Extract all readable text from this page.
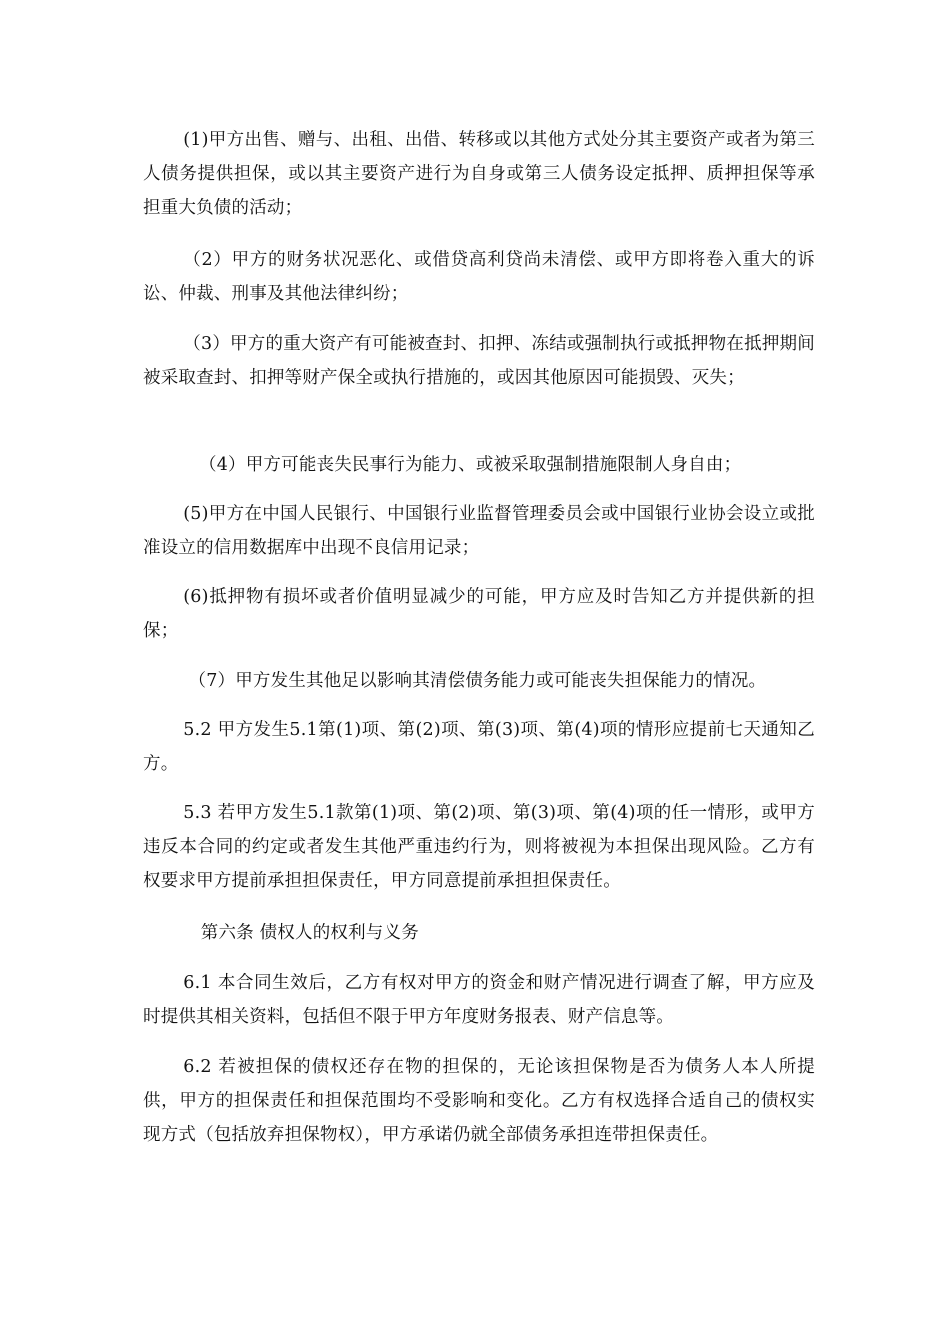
(1)甲方出售、赠与、出租、出借、转移或以其他方式处分其主要资产或者为第三人债务提供担保，或以其主要资产进行为自身或第三人债务设定抵押、质押担保等承担重大负债的活动；

（2）甲方的财务状况恶化、或借贷高利贷尚未清偿、或甲方即将卷入重大的诉讼、仲裁、刑事及其他法律纠纷；

（3）甲方的重大资产有可能被查封、扣押、冻结或强制执行或抵押物在抵押期间被采取查封、扣押等财产保全或执行措施的，或因其他原因可能损毁、灭失；

（4）甲方可能丧失民事行为能力、或被采取强制措施限制人身自由；

(5)甲方在中国人民银行、中国银行业监督管理委员会或中国银行业协会设立或批准设立的信用数据库中出现不良信用记录；

(6)抵押物有损坏或者价值明显减少的可能，甲方应及时告知乙方并提供新的担保；

（7）甲方发生其他足以影响其清偿债务能力或可能丧失担保能力的情况。

5.2 甲方发生5.1第(1)项、第(2)项、第(3)项、第(4)项的情形应提前七天通知乙方。

5.3 若甲方发生5.1款第(1)项、第(2)项、第(3)项、第(4)项的任一情形，或甲方违反本合同的约定或者发生其他严重违约行为，则将被视为本担保出现风险。乙方有权要求甲方提前承担担保责任，甲方同意提前承担担保责任。

第六条 债权人的权利与义务

6.1 本合同生效后，乙方有权对甲方的资金和财产情况进行调查了解，甲方应及时提供其相关资料，包括但不限于甲方年度财务报表、财产信息等。

6.2 若被担保的债权还存在物的担保的，无论该担保物是否为债务人本人所提供，甲方的担保责任和担保范围均不受影响和变化。乙方有权选择合适自己的债权实现方式（包括放弃担保物权），甲方承诺仍就全部债务承担连带担保责任。
